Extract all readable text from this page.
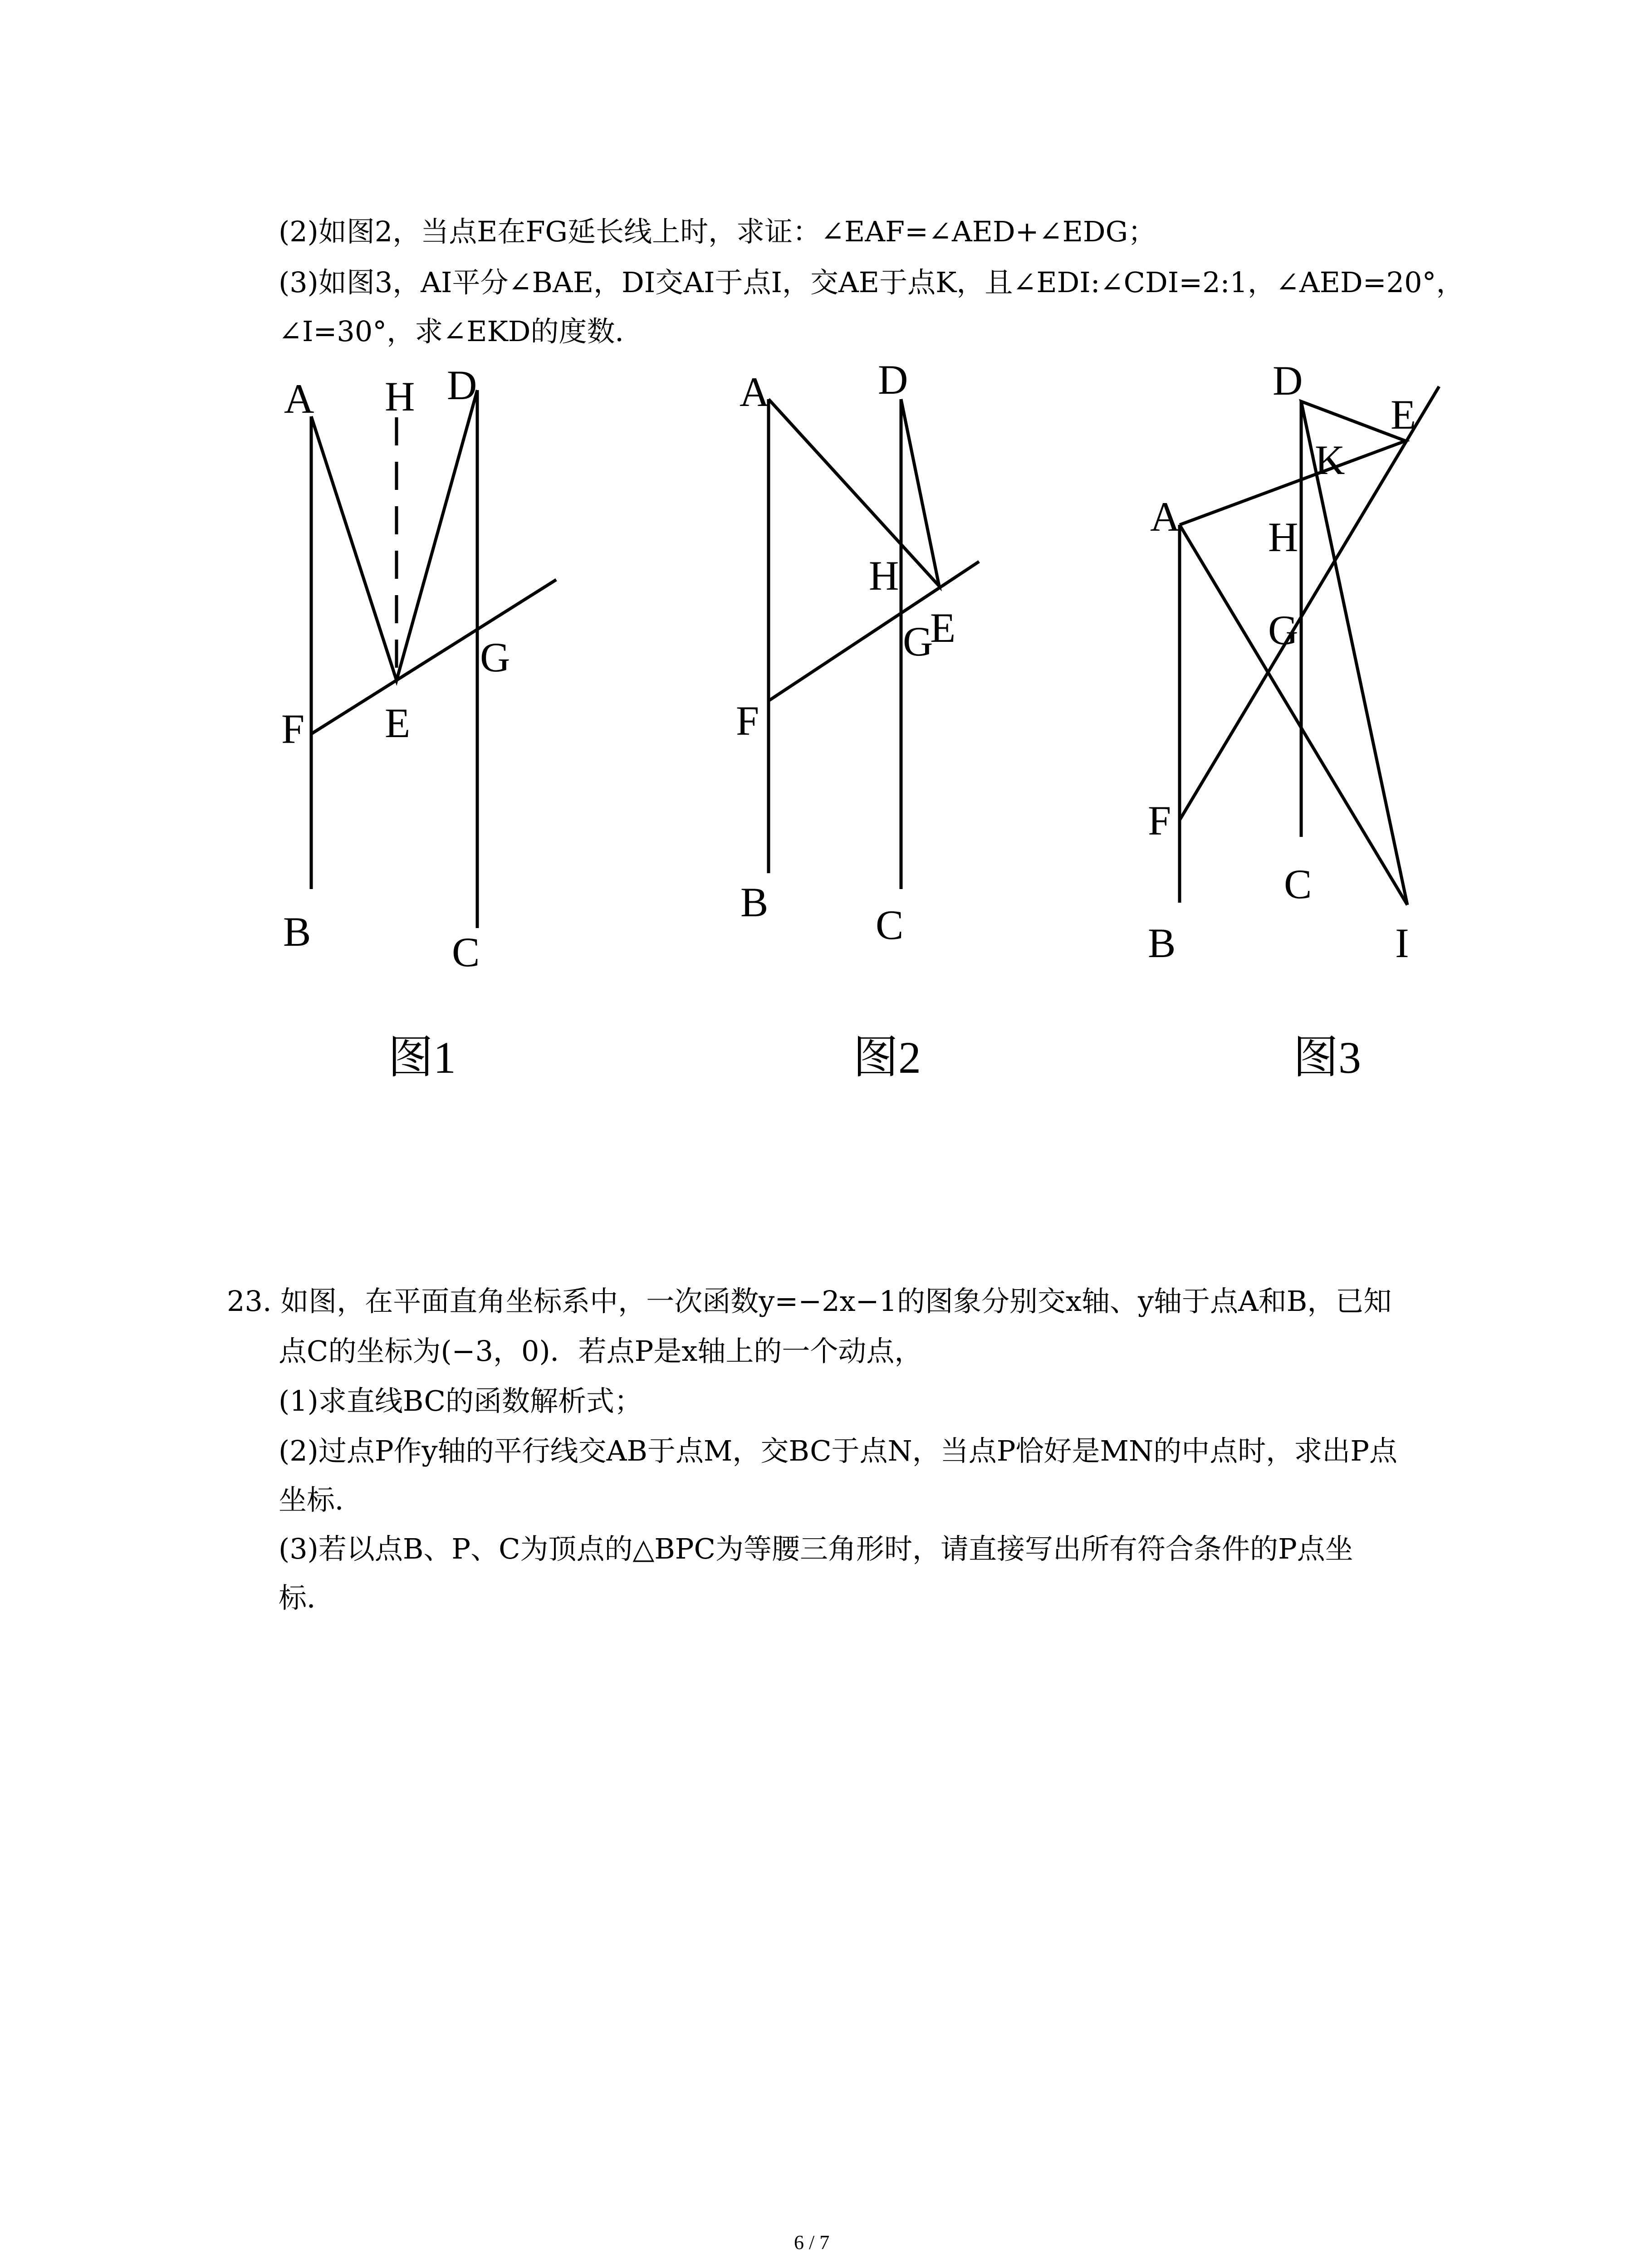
(2)如图2，当点E在FG延长线上时，求证：∠EAF=∠AED+∠EDG；
(3)如图3，AI平分∠BAE，DI交AI于点I，交AE于点K，且∠EDI:∠CDI=2:1，∠AED=20°，
∠I=30°，求∠EKD的度数．
A H D
F E
G
B	C
图1
A	D
H
G
E
F
B	C
图2
D
E
K
A H
G
F
C
B	I
图3
23. 如图，在平面直角坐标系中，一次函数y=−2x−1的图象分别交x轴、y轴于点A和B，已知
点C的坐标为(−3，0)．若点P是x轴上的一个动点，
(1)求直线BC的函数解析式；
(2)过点P作y轴的平行线交AB于点M，交BC于点N，当点P恰好是MN的中点时，求出P点
坐标．
(3)若以点B、P、C为顶点的△BPC为等腰三角形时，请直接写出所有符合条件的P点坐
标．
6 / 7
